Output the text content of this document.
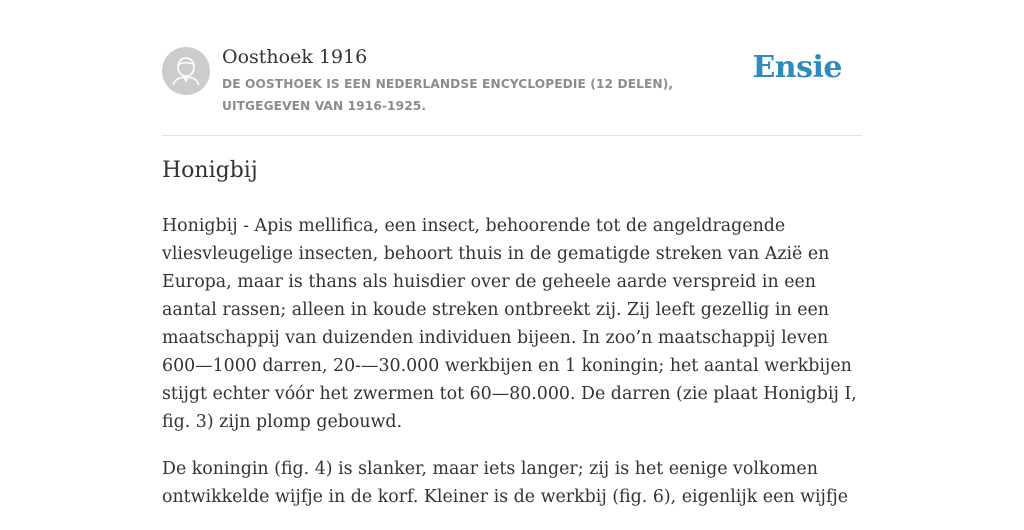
Oosthoek 1916
DE OOSTHOEK IS EEN NEDERLANDSE ENCYCLOPEDIE (12 DELEN), UITGEGEVEN VAN 1916-1925.
Ensie
Honigbij

Honigbij - Apis mellifica, een insect, behoorende tot de angeldragende vliesvleugelige insecten, behoort thuis in de gematigde streken van Azië en Europa, maar is thans als huisdier over de geheele aarde verspreid in een aantal rassen; alleen in koude streken ontbreekt zij. Zij leeft gezellig in een maatschappij van duizenden individuen bijeen. In zoo’n maatschappij leven 600—1000 darren, 20-—30.000 werkbijen en 1 koningin; het aantal werkbijen stijgt echter vóór het zwermen tot 60—80.000. De darren (zie plaat Honigbij I, fig. 3) zijn plomp gebouwd.

De koningin (fig. 4) is slanker, maar iets langer; zij is het eenige volkomen ontwikkelde wijfje in de korf. Kleiner is de werkbij (fig. 6), eigenlijk een wijfje
